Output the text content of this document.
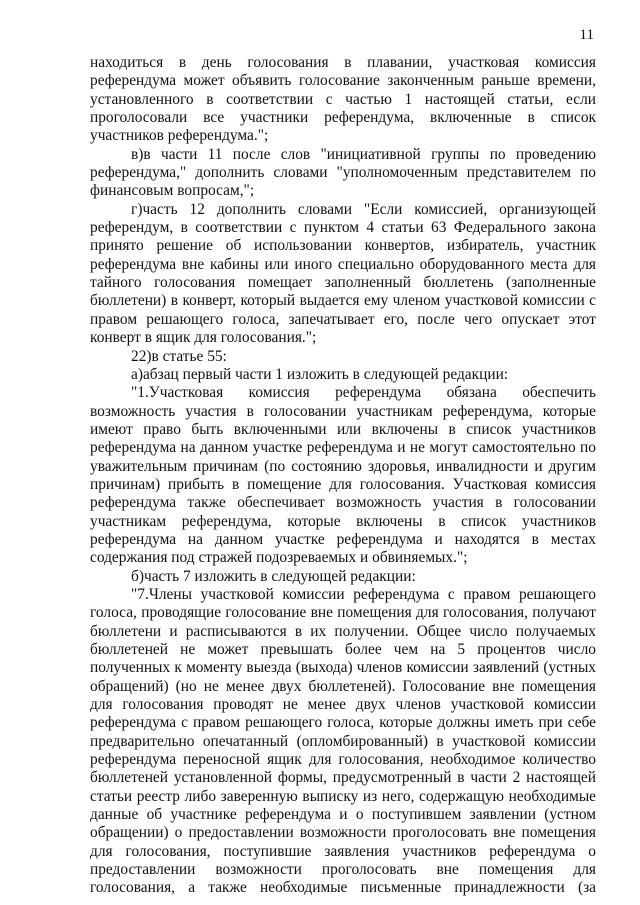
11

находиться в день голосования в плавании, участковая комиссия референдума может объявить голосование законченным раньше времени, установленного в соответствии с частью 1 настоящей статьи, если проголосовали все участники референдума, включенные в список участников референдума.";

в)в части 11 после слов "инициативной группы по проведению референдума," дополнить словами "уполномоченным представителем по финансовым вопросам,";

г)часть 12 дополнить словами "Если комиссией, организующей референдум, в соответствии с пунктом 4 статьи 63 Федерального закона принято решение об использовании конвертов, избиратель, участник референдума вне кабины или иного специально оборудованного места для тайного голосования помещает заполненный бюллетень (заполненные бюллетени) в конверт, который выдается ему членом участковой комиссии с правом решающего голоса, запечатывает его, после чего опускает этот конверт в ящик для голосования.";

22)в статье 55:

а)абзац первый части 1 изложить в следующей редакции:

"1.Участковая комиссия референдума обязана обеспечить возможность участия в голосовании участникам референдума, которые имеют право быть включенными или включены в список участников референдума на данном участке референдума и не могут самостоятельно по уважительным причинам (по состоянию здоровья, инвалидности и другим причинам) прибыть в помещение для голосования. Участковая комиссия референдума также обеспечивает возможность участия в голосовании участникам референдума, которые включены в список участников референдума на данном участке референдума и находятся в местах содержания под стражей подозреваемых и обвиняемых.";

б)часть 7 изложить в следующей редакции:

"7.Члены участковой комиссии референдума с правом решающего голоса, проводящие голосование вне помещения для голосования, получают бюллетени и расписываются в их получении. Общее число получаемых бюллетеней не может превышать более чем на 5 процентов число полученных к моменту выезда (выхода) членов комиссии заявлений (устных обращений) (но не менее двух бюллетеней). Голосование вне помещения для голосования проводят не менее двух членов участковой комиссии референдума с правом решающего голоса, которые должны иметь при себе предварительно опечатанный (опломбированный) в участковой комиссии референдума переносной ящик для голосования, необходимое количество бюллетеней установленной формы, предусмотренный в части 2 настоящей статьи реестр либо заверенную выписку из него, содержащую необходимые данные об участнике референдума и о поступившем заявлении (устном обращении) о предоставлении возможности проголосовать вне помещения для голосования, поступившие заявления участников референдума о предоставлении возможности проголосовать вне помещения для голосования, а также необходимые письменные принадлежности (за
